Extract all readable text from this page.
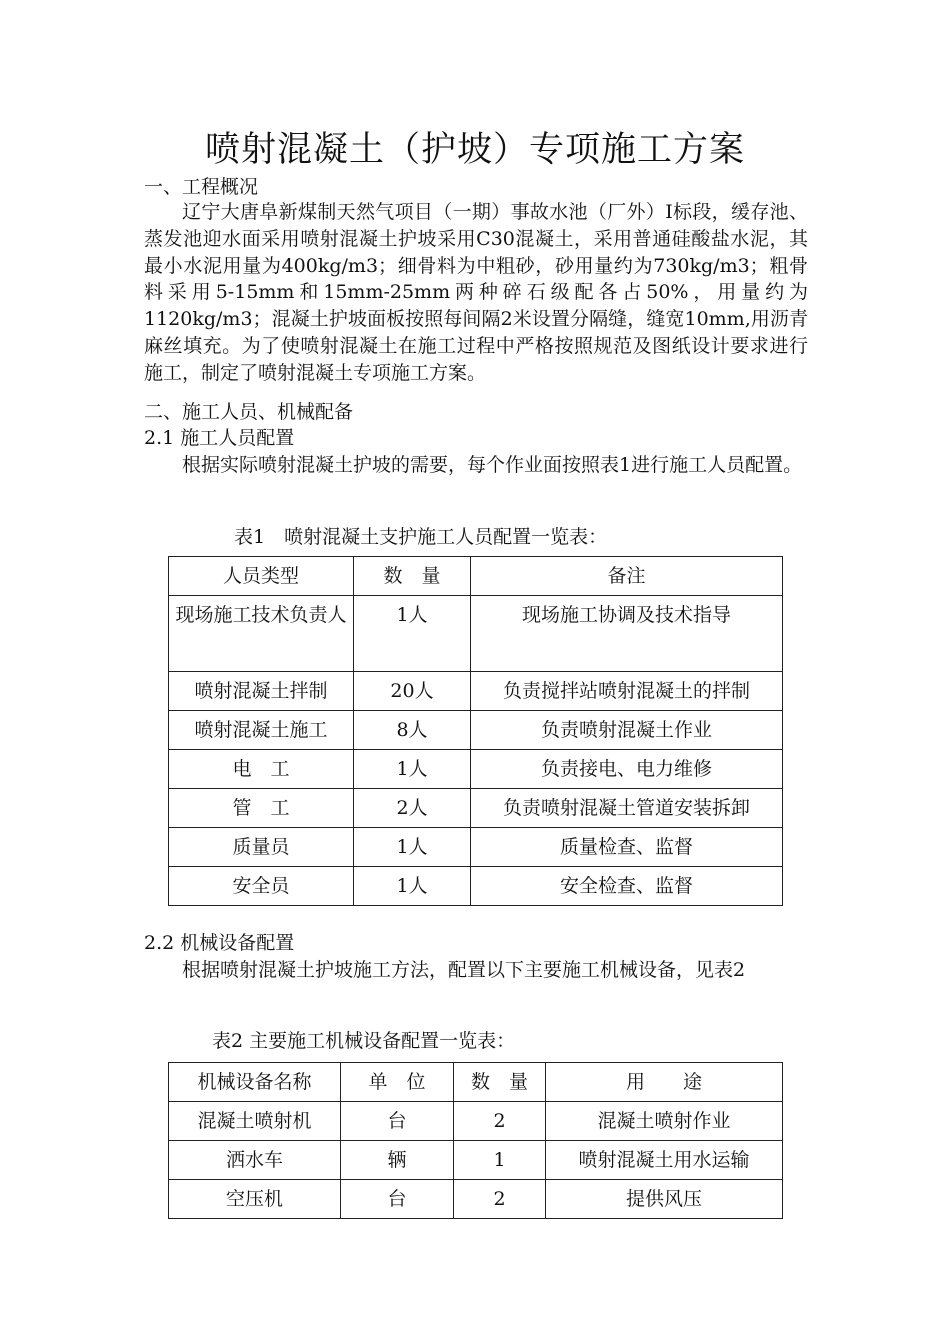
喷射混凝土（护坡）专项施工方案
一、工程概况
辽宁大唐阜新煤制天然气项目（一期）事故水池（厂外）Ⅰ标段，缓存池、蒸发池迎水面采用喷射混凝土护坡采用C30混凝土，采用普通硅酸盐水泥，其最小水泥用量为400kg/m3；细骨料为中粗砂，砂用量约为730kg/m3；粗骨料采用5-15mm和15mm-25mm两种碎石级配各占50%，用量约为1120kg/m3；混凝土护坡面板按照每间隔2米设置分隔缝，缝宽10mm,用沥青麻丝填充。为了使喷射混凝土在施工过程中严格按照规范及图纸设计要求进行施工，制定了喷射混凝土专项施工方案。
二、施工人员、机械配备
2.1 施工人员配置
根据实际喷射混凝土护坡的需要，每个作业面按照表1进行施工人员配置。
表1　喷射混凝土支护施工人员配置一览表：
人员类型	数　量	备注
现场施工技术负责人	1人	现场施工协调及技术指导
喷射混凝土拌制	20人	负责搅拌站喷射混凝土的拌制
喷射混凝土施工	8人	负责喷射混凝土作业
电　工	1人	负责接电、电力维修
管　工	2人	负责喷射混凝土管道安装拆卸
质量员	1人	质量检查、监督
安全员	1人	安全检查、监督
2.2 机械设备配置
根据喷射混凝土护坡施工方法，配置以下主要施工机械设备，见表2
表2 主要施工机械设备配置一览表：
机械设备名称	单　位	数　量	用　　途
混凝土喷射机	台	2	混凝土喷射作业
洒水车	辆	1	喷射混凝土用水运输
空压机	台	2	提供风压
